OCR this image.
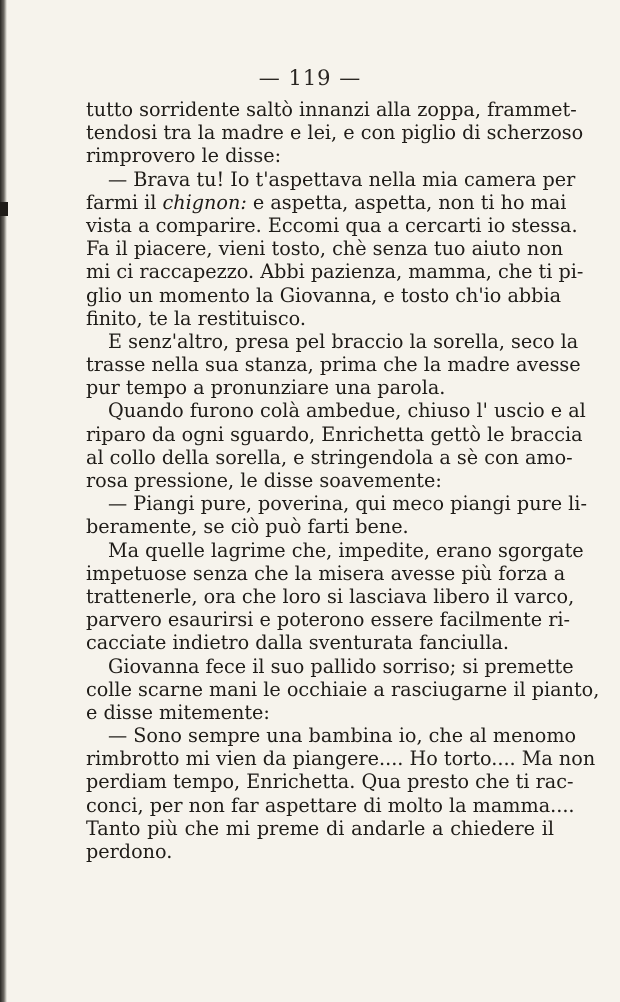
— 119 —
tutto sorridente saltò innanzi alla zoppa, frammet-
tendosi tra la madre e lei, e con piglio di scherzoso
rimprovero le disse:
— Brava tu! Io t'aspettava nella mia camera per
farmi il chignon: e aspetta, aspetta, non ti ho mai
vista a comparire. Eccomi qua a cercarti io stessa.
Fa il piacere, vieni tosto, chè senza tuo aiuto non
mi ci raccapezzo. Abbi pazienza, mamma, che ti pi-
glio un momento la Giovanna, e tosto ch'io abbia
finito, te la restituisco.
E senz'altro, presa pel braccio la sorella, seco la
trasse nella sua stanza, prima che la madre avesse
pur tempo a pronunziare una parola.
Quando furono colà ambedue, chiuso l' uscio e al
riparo da ogni sguardo, Enrichetta gettò le braccia
al collo della sorella, e stringendola a sè con amo-
rosa pressione, le disse soavemente:
— Piangi pure, poverina, qui meco piangi pure li-
beramente, se ciò può farti bene.
Ma quelle lagrime che, impedite, erano sgorgate
impetuose senza che la misera avesse più forza a
trattenerle, ora che loro si lasciava libero il varco,
parvero esaurirsi e poterono essere facilmente ri-
cacciate indietro dalla sventurata fanciulla.
Giovanna fece il suo pallido sorriso; si premette
colle scarne mani le occhiaie a rasciugarne il pianto,
e disse mitemente:
— Sono sempre una bambina io, che al menomo
rimbrotto mi vien da piangere.... Ho torto.... Ma non
perdiam tempo, Enrichetta. Qua presto che ti rac-
conci, per non far aspettare di molto la mamma....
Tanto più che mi preme di andarle a chiedere il
perdono.
